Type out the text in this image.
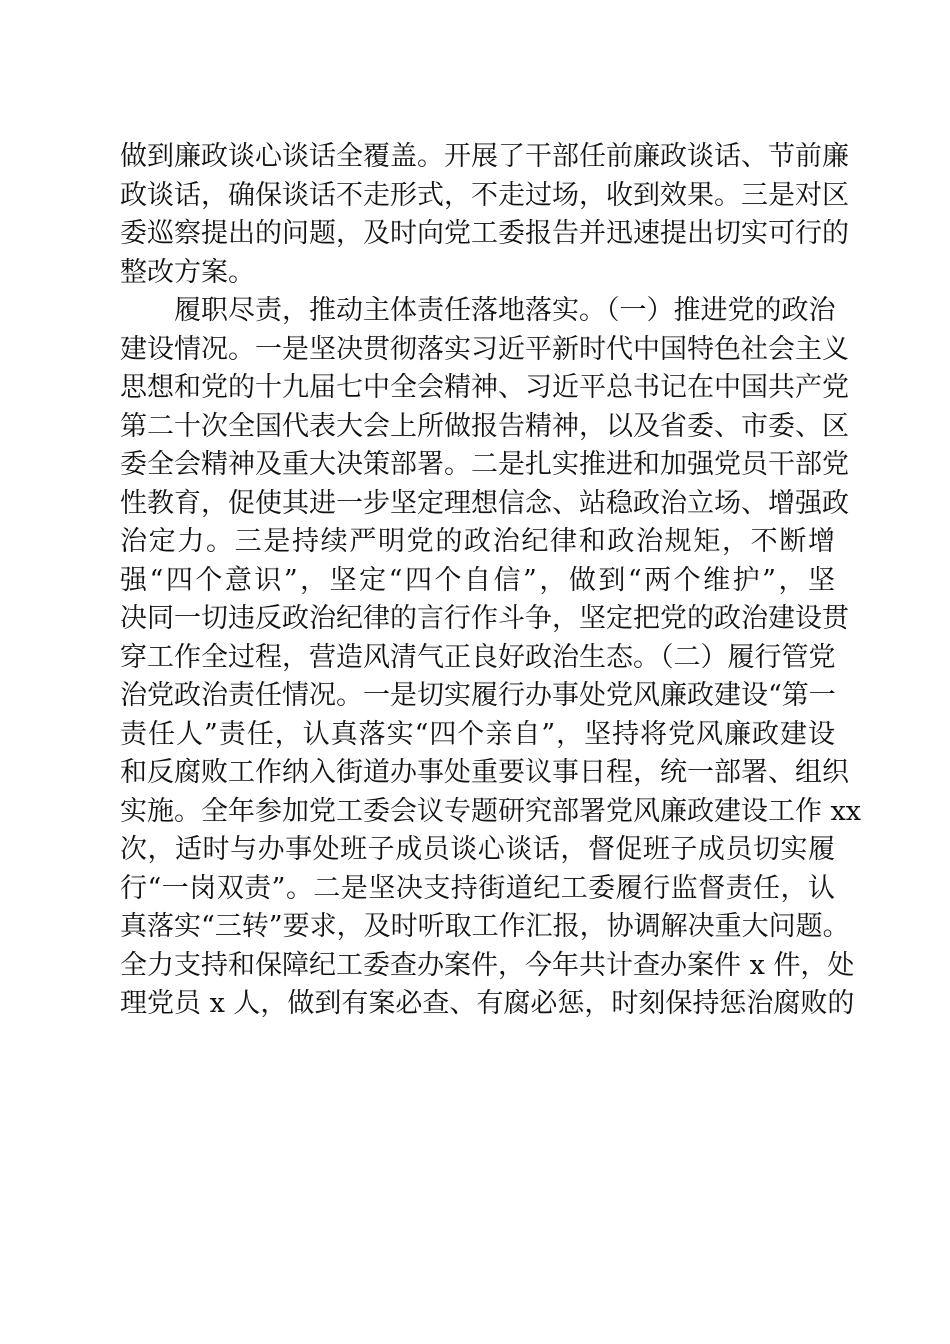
做到廉政谈心谈话全覆盖。开展了干部任前廉政谈话、节前廉
政谈话，确保谈话不走形式，不走过场，收到效果。三是对区
委巡察提出的问题，及时向党工委报告并迅速提出切实可行的
整改方案。
履职尽责，推动主体责任落地落实。（一）推进党的政治
建设情况。一是坚决贯彻落实习近平新时代中国特色社会主义
思想和党的十九届七中全会精神、习近平总书记在中国共产党
第二十次全国代表大会上所做报告精神，以及省委、市委、区
委全会精神及重大决策部署。二是扎实推进和加强党员干部党
性教育，促使其进一步坚定理想信念、站稳政治立场、增强政
治定力。三是持续严明党的政治纪律和政治规矩，不断增
强“四个意识”，坚定“四个自信”，做到“两个维护”，坚
决同一切违反政治纪律的言行作斗争，坚定把党的政治建设贯
穿工作全过程，营造风清气正良好政治生态。（二）履行管党
治党政治责任情况。一是切实履行办事处党风廉政建设“第一
责任人”责任，认真落实“四个亲自”，坚持将党风廉政建设
和反腐败工作纳入街道办事处重要议事日程，统一部署、组织
实施。全年参加党工委会议专题研究部署党风廉政建设工作 xx
次，适时与办事处班子成员谈心谈话，督促班子成员切实履
行“一岗双责”。二是坚决支持街道纪工委履行监督责任，认
真落实“三转”要求，及时听取工作汇报，协调解决重大问题。
全力支持和保障纪工委查办案件，今年共计查办案件 x 件，处
理党员 x 人，做到有案必查、有腐必惩，时刻保持惩治腐败的
